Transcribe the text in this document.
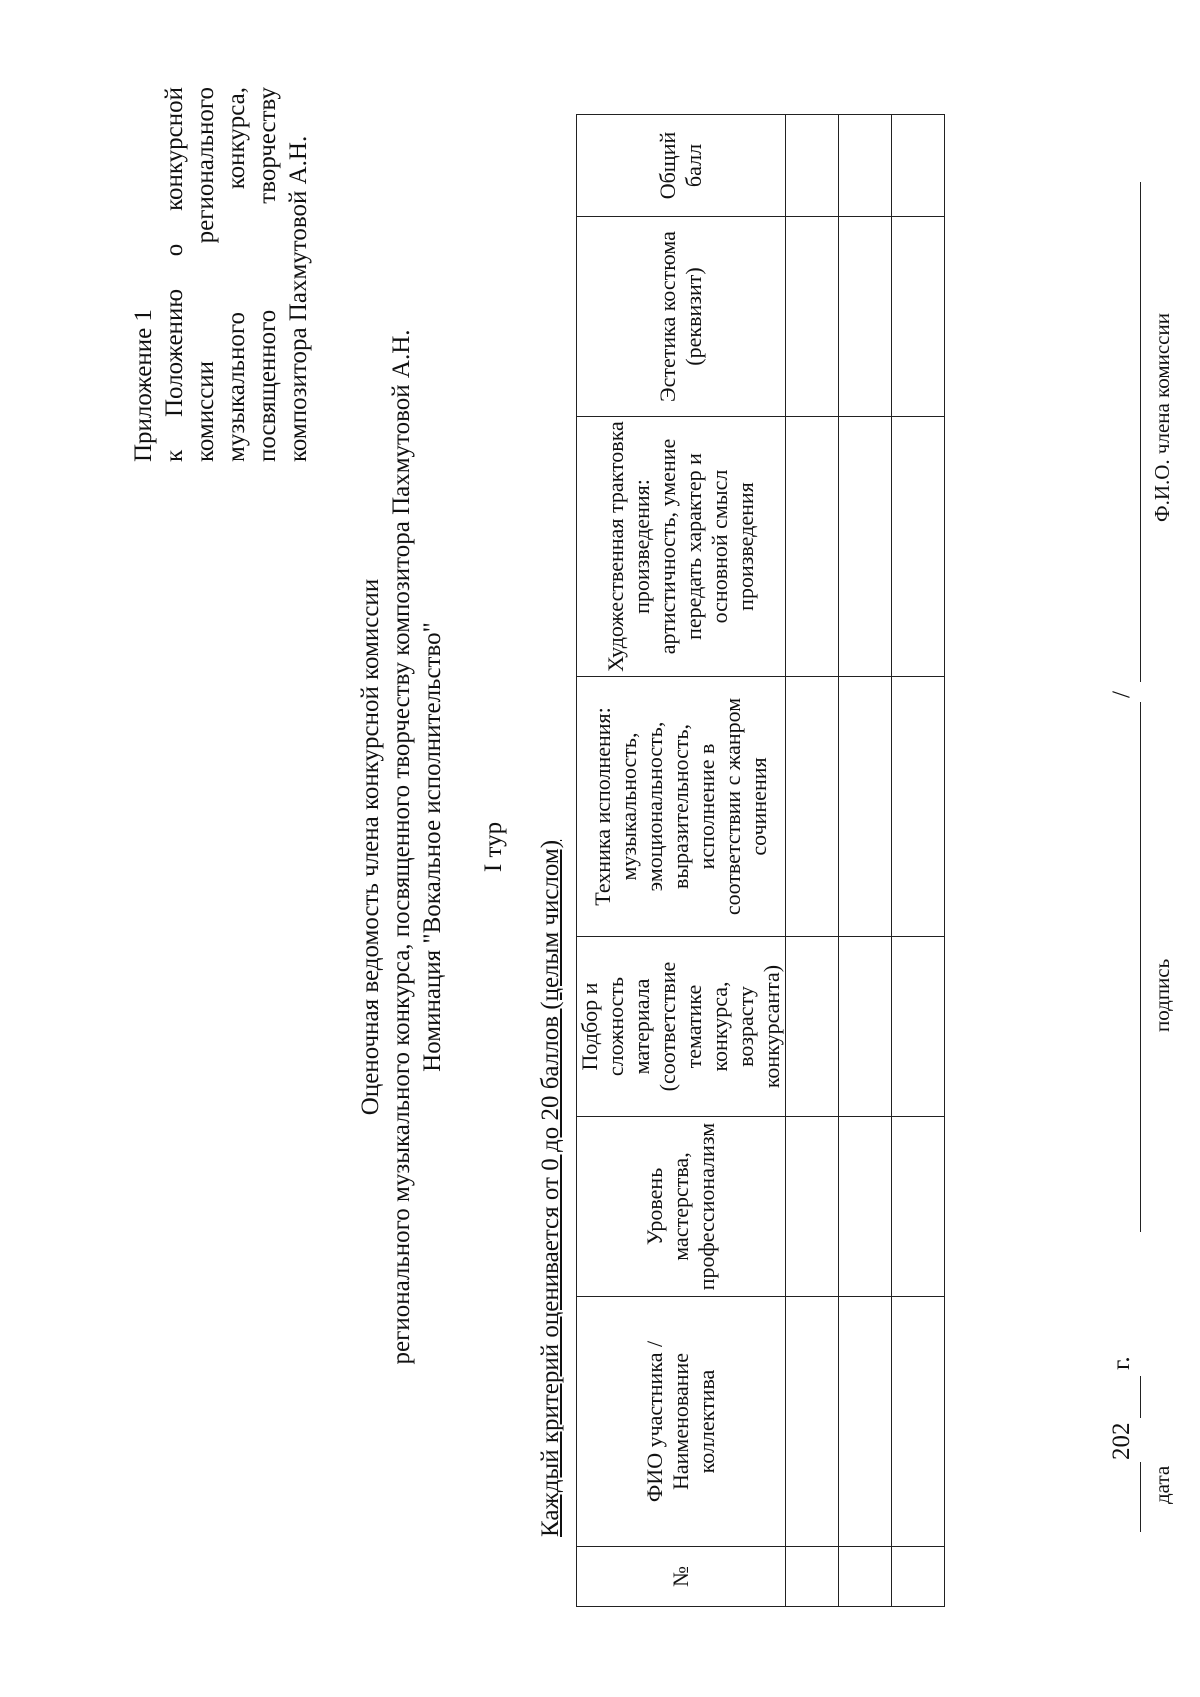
Приложение 1 к Положению о конкурсной комиссии регионального музыкального конкурса, посвященного творчеству композитора Пахмутовой А.Н.
Оценочная ведомость члена конкурсной комиссии регионального музыкального конкурса, посвященного творчеству композитора Пахмутовой А.Н. Номинация "Вокальное исполнительство" I тур Каждый критерий оценивается от 0 до 20 баллов (целым числом)
№	ФИО участника / Наименование коллектива	Уровень мастерства, профессионализм	Подбор и сложность материала (соответствие тематике конкурса, возрасту конкурсанта)	Техника исполнения: музыкальность, эмоциональность, выразительность, исполнение в соответствии с жанром сочинения	Художественная трактовка произведения: артистичность, умение передать характер и основной смысл произведения	Эстетика костюма (реквизит)	Общий балл

202
г.
дата
подпись
/
Ф.И.О. члена комиссии
